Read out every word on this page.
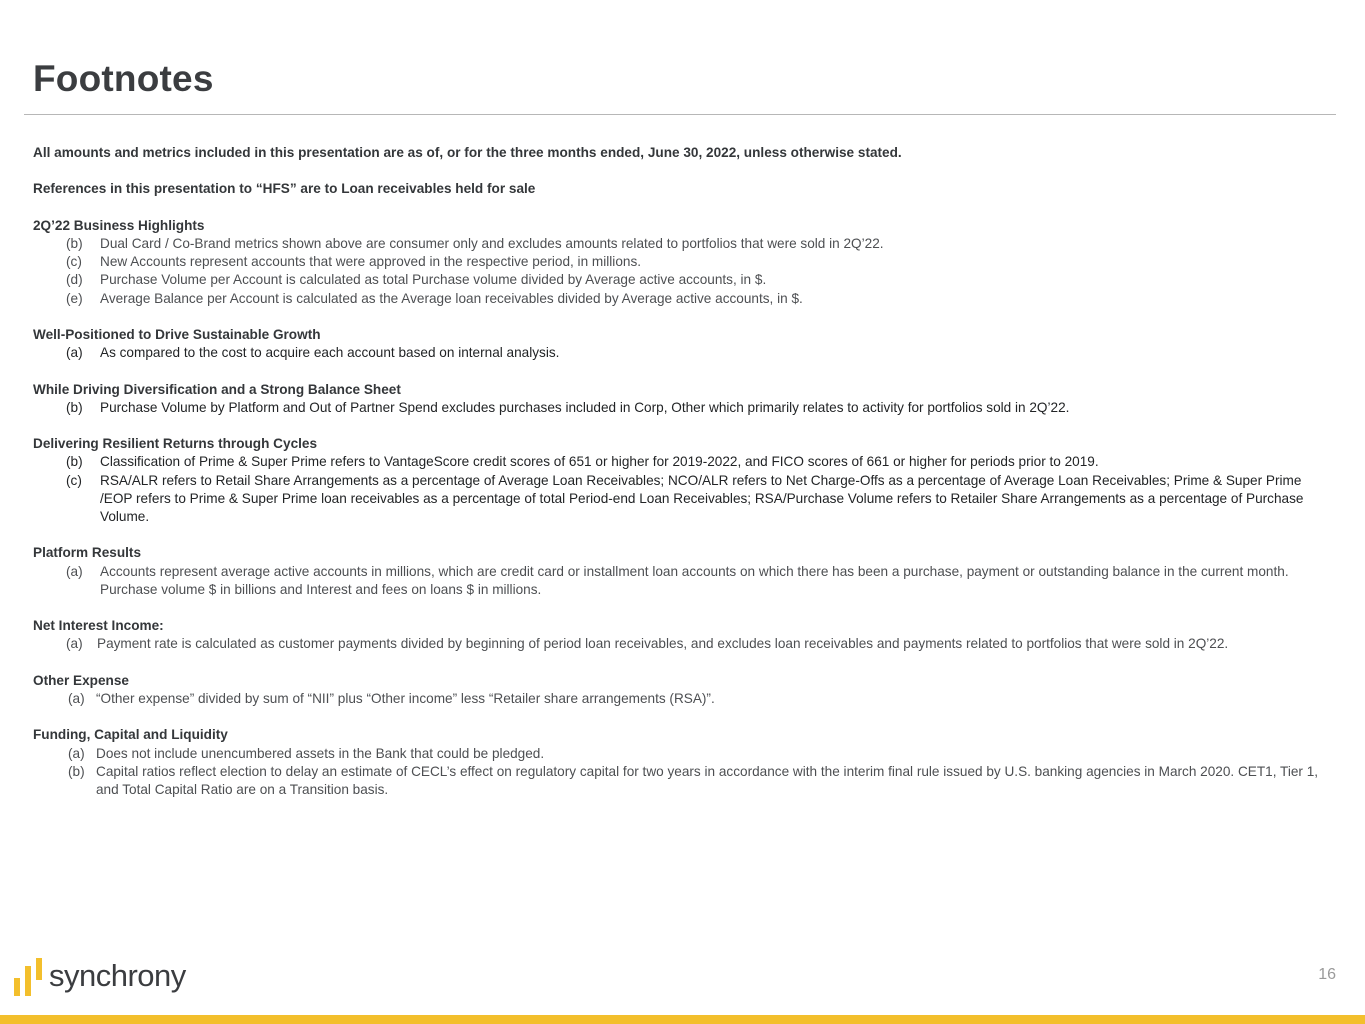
Footnotes

All amounts and metrics included in this presentation are as of, or for the three months ended, June 30, 2022, unless otherwise stated.

References in this presentation to “HFS” are to Loan receivables held for sale

2Q’22 Business Highlights

(b) Dual Card / Co-Brand metrics shown above are consumer only and excludes amounts related to portfolios that were sold in 2Q’22.

(c) New Accounts represent accounts that were approved in the respective period, in millions.

(d) Purchase Volume per Account is calculated as total Purchase volume divided by Average active accounts, in $.

(e) Average Balance per Account is calculated as the Average loan receivables divided by Average active accounts, in $.

Well-Positioned to Drive Sustainable Growth

(a) As compared to the cost to acquire each account based on internal analysis.

While Driving Diversification and a Strong Balance Sheet

(b) Purchase Volume by Platform and Out of Partner Spend excludes purchases included in Corp, Other which primarily relates to activity for portfolios sold in 2Q’22.

Delivering Resilient Returns through Cycles

(b) Classification of Prime & Super Prime refers to VantageScore credit scores of 651 or higher for 2019-2022, and FICO scores of 661 or higher for periods prior to 2019.

(c) RSA/ALR refers to Retail Share Arrangements as a percentage of Average Loan Receivables; NCO/ALR refers to Net Charge-Offs as a percentage of Average Loan Receivables; Prime & Super Prime /EOP refers to Prime & Super Prime loan receivables as a percentage of total Period-end Loan Receivables; RSA/Purchase Volume refers to Retailer Share Arrangements as a percentage of Purchase Volume.

Platform Results

(a) Accounts represent average active accounts in millions, which are credit card or installment loan accounts on which there has been a purchase, payment or outstanding balance in the current month. Purchase volume $ in billions and Interest and fees on loans $ in millions.

Net Interest Income:

(a) Payment rate is calculated as customer payments divided by beginning of period loan receivables, and excludes loan receivables and payments related to portfolios that were sold in 2Q’22.

Other Expense

(a) “Other expense” divided by sum of “NII” plus “Other income” less “Retailer share arrangements (RSA)”.

Funding, Capital and Liquidity

(a) Does not include unencumbered assets in the Bank that could be pledged.

(b) Capital ratios reflect election to delay an estimate of CECL’s effect on regulatory capital for two years in accordance with the interim final rule issued by U.S. banking agencies in March 2020. CET1, Tier 1, and Total Capital Ratio are on a Transition basis.

synchrony	16
